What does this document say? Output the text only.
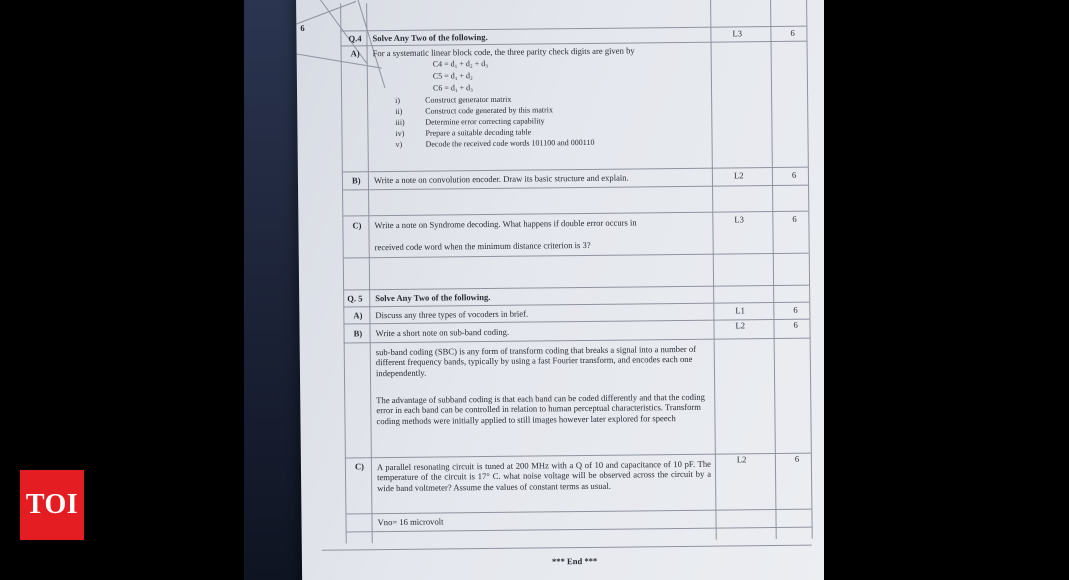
6
Q.4 Solve Any Two of the following.
A) For a systematic linear block code, the three parity check digits are given by
C4 = d₁ + d₂ + d₃
C5 = d₁ + d₂
C6 = d₁ + d₃
i)	Construct generator matrix
ii)	Construct code generated by this matrix
iii)	Determine error correcting capability
iv)	Prepare a suitable decoding table
v)	Decode the received code words 101100 and 000110
L3	6
B) Write a note on convolution encoder. Draw its basic structure and explain.	L2	6
C) Write a note on Syndrome decoding. What happens if double error occurs in
received code word when the minimum distance criterion is 3?
L3	6
Q. 5 Solve Any Two of the following.
A) Discuss any three types of vocoders in brief.	L1	6
B) Write a short note on sub-band coding.
L2	6
sub-band coding (SBC) is any form of transform coding that breaks a signal into a number of different frequency bands, typically by using a fast Fourier transform, and encodes each one independently.
The advantage of subband coding is that each band can be coded differently and that the coding error in each band can be controlled in relation to human perceptual characteristics. Transform coding methods were initially applied to still images however later explored for speech
C) A parallel resonating circuit is tuned at 200 MHz with a Q of 10 and capacitance of 10 pF. The temperature of the circuit is 17° C. what noise voltage will be observed across the circuit by a wide band voltmeter? Assume the values of constant terms as usual.
L2	6
Vno= 16 microvolt
*** End ***
TOI
